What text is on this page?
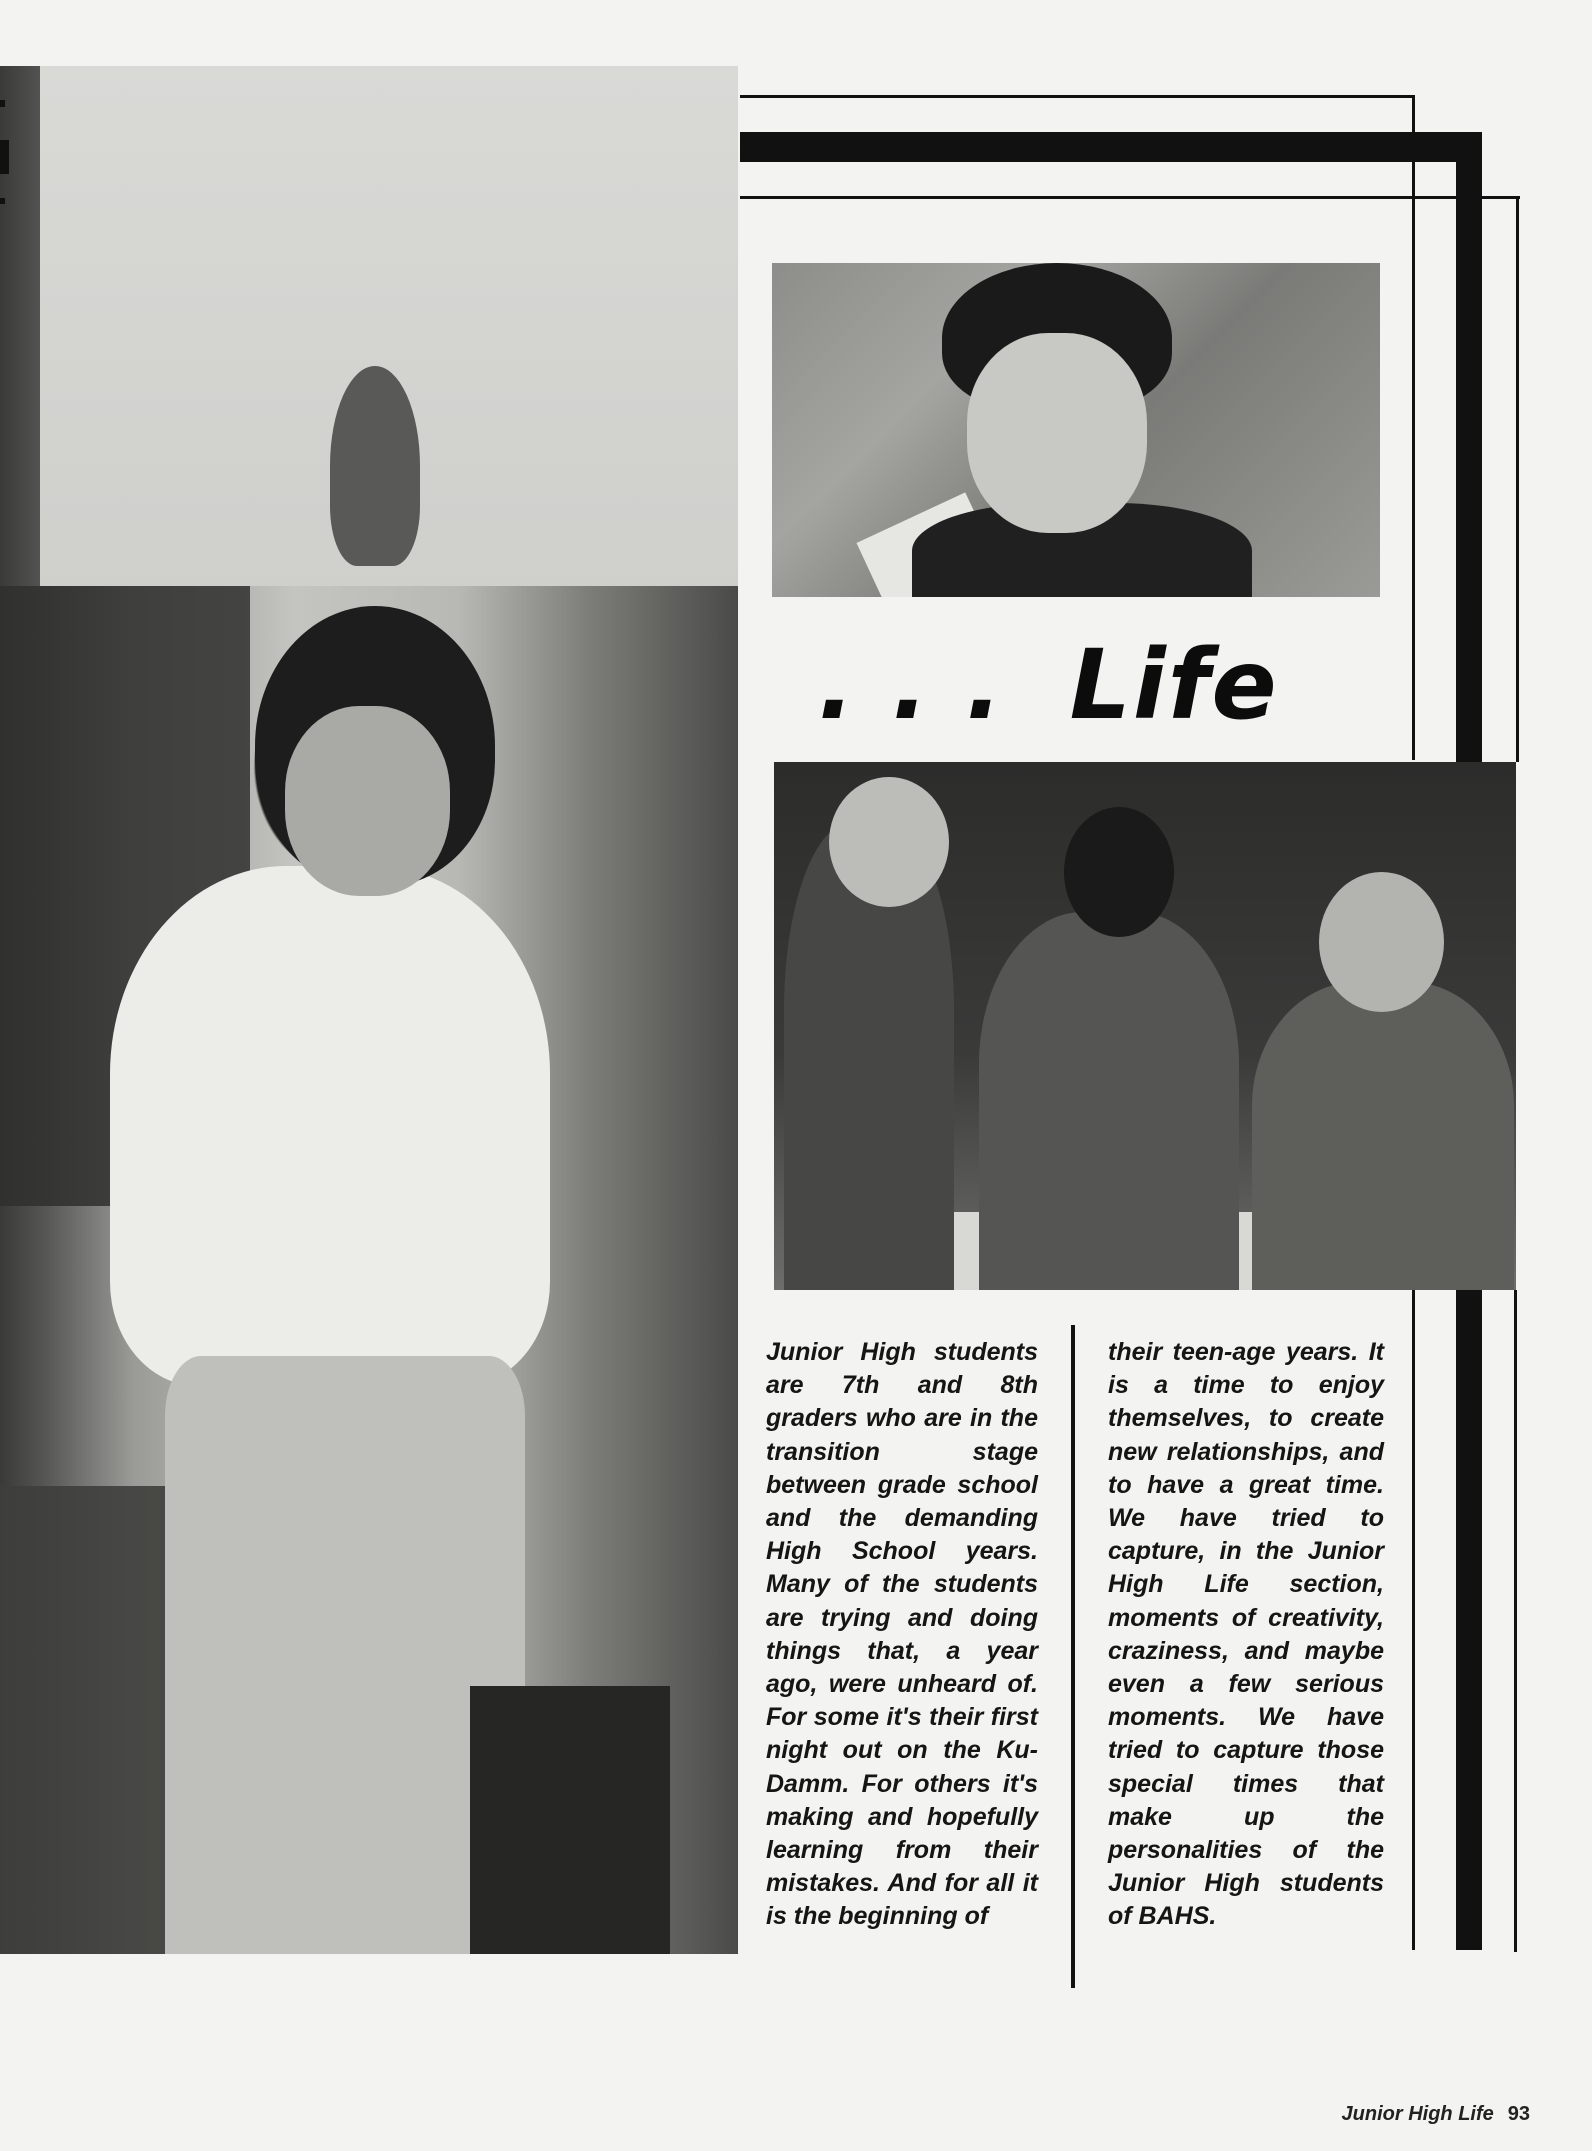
. . . Life
Junior High students are 7th and 8th graders who are in the transition stage between grade school and the demanding High School years. Many of the students are trying and doing things that, a year ago, were unheard of. For some it's their first night out on the Ku-Damm. For others it's making and hopefully learning from their mistakes. And for all it is the beginning of
their teen-age years. It is a time to enjoy themselves, to create new relationships, and to have a great time. We have tried to capture, in the Junior High Life section, moments of creativity, craziness, and maybe even a few serious moments. We have tried to capture those special times that make up the personalities of the Junior High students of BAHS.
Junior High Life 93
